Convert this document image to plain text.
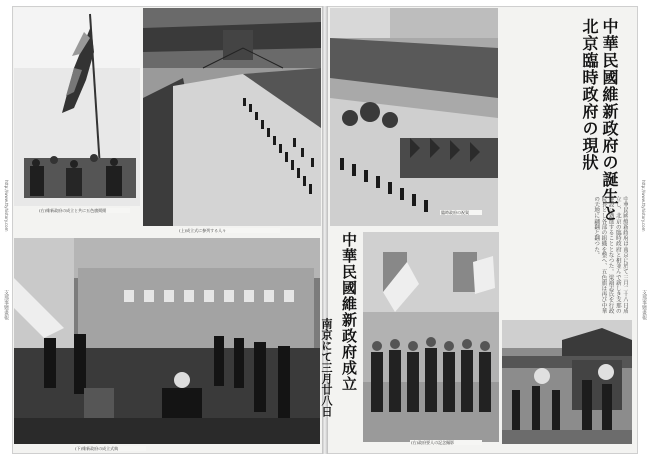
(右)維新政府の成立と共に五色旗掲揚
(上)成立式に参列する人々
(下)維新政府の成立式典
臨時政府の祝賀
(右)政府要人の記念撮影
中華民國維新政府の誕生と
北京臨時政府の現狀
中華民國維新政府成立
南京にて三月廿八日
中華民國維新政府は南京に於て三月二十八日成立し、北京の臨時政府と相並んで新しき支那の建設に邁進することとなつた。梁鴻志氏を行政院長とし各部の組織を整へ、五色旗は再び中華の天地に翩翻と翻つた。
http://www.ttyhistory.com
支那事變畫報
http://www.ttyhistory.com
支那事變畫報
